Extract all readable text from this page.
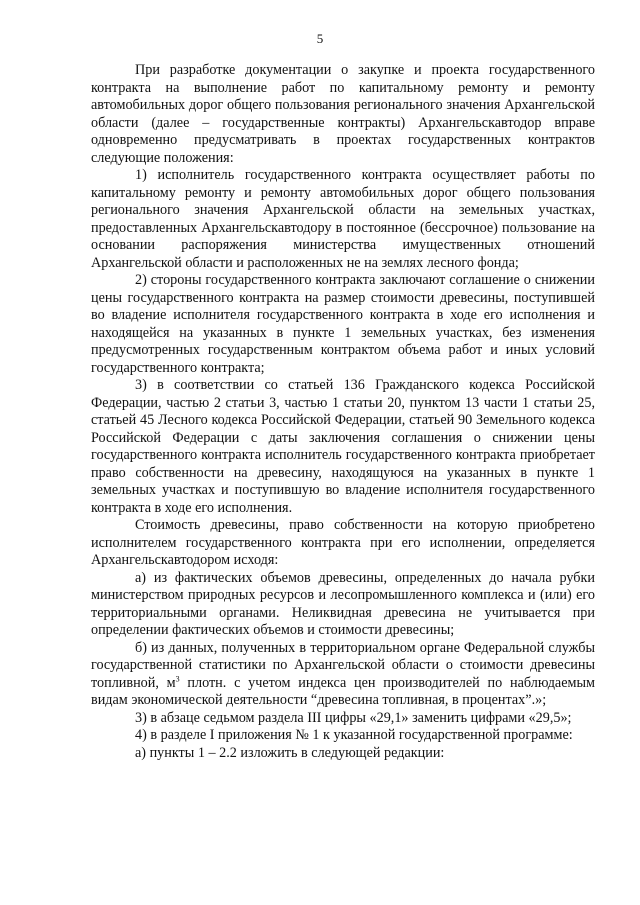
5

При разработке документации о закупке и проекта государственного контракта на выполнение работ по капитальному ремонту и ремонту автомобильных дорог общего пользования регионального значения Архангельской области (далее – государственные контракты) Архангельскавтодор вправе одновременно предусматривать в проектах государственных контрактов следующие положения:

1) исполнитель государственного контракта осуществляет работы по капитальному ремонту и ремонту автомобильных дорог общего пользования регионального значения Архангельской области на земельных участках, предоставленных Архангельскавтодору в постоянное (бессрочное) пользование на основании распоряжения министерства имущественных отношений Архангельской области и расположенных не на землях лесного фонда;

2) стороны государственного контракта заключают соглашение о снижении цены государственного контракта на размер стоимости древесины, поступившей во владение исполнителя государственного контракта в ходе его исполнения и находящейся на указанных в пункте 1 земельных участках, без изменения предусмотренных государственным контрактом объема работ и иных условий государственного контракта;

3) в соответствии со статьей 136 Гражданского кодекса Российской Федерации, частью 2 статьи 3, частью 1 статьи 20, пунктом 13 части 1 статьи 25, статьей 45 Лесного кодекса Российской Федерации, статьей 90 Земельного кодекса Российской Федерации с даты заключения соглашения о снижении цены государственного контракта исполнитель государственного контракта приобретает право собственности на древесину, находящуюся на указанных в пункте 1 земельных участках и поступившую во владение исполнителя государственного контракта в ходе его исполнения.

Стоимость древесины, право собственности на которую приобретено исполнителем государственного контракта при его исполнении, определяется Архангельскавтодором исходя:

а) из фактических объемов древесины, определенных до начала рубки министерством природных ресурсов и лесопромышленного комплекса и (или) его территориальными органами. Неликвидная древесина не учитывается при определении фактических объемов и стоимости древесины;

б) из данных, полученных в территориальном органе Федеральной службы государственной статистики по Архангельской области о стоимости древесины топливной, $м^3$ плотн. с учетом индекса цен производителей по наблюдаемым видам экономической деятельности “древесина топливная, в процентах”.»;

3) в абзаце седьмом раздела III цифры «29,1» заменить цифрами «29,5»;

4) в разделе I приложения № 1 к указанной государственной программе:

а) пункты 1 – 2.2 изложить в следующей редакции:
